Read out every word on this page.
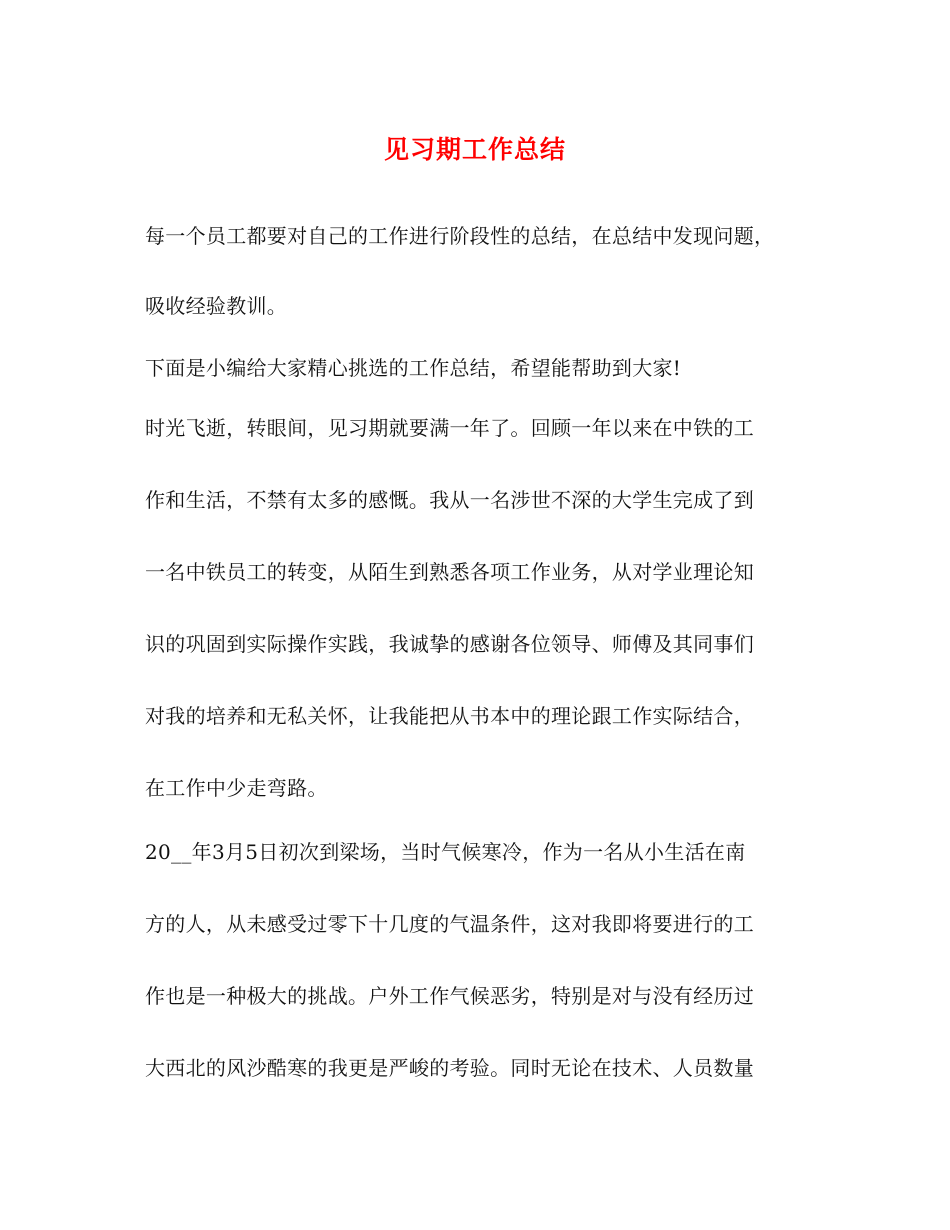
见习期工作总结

每一个员工都要对自己的工作进行阶段性的总结，在总结中发现问题，

吸收经验教训。

下面是小编给大家精心挑选的工作总结，希望能帮助到大家!

时光飞逝，转眼间，见习期就要满一年了。回顾一年以来在中铁的工

作和生活，不禁有太多的感慨。我从一名涉世不深的大学生完成了到

一名中铁员工的转变，从陌生到熟悉各项工作业务，从对学业理论知

识的巩固到实际操作实践，我诚挚的感谢各位领导、师傅及其同事们

对我的培养和无私关怀，让我能把从书本中的理论跟工作实际结合，

在工作中少走弯路。

20__年3月5日初次到梁场，当时气候寒冷，作为一名从小生活在南

方的人，从未感受过零下十几度的气温条件，这对我即将要进行的工

作也是一种极大的挑战。户外工作气候恶劣，特别是对与没有经历过

大西北的风沙酷寒的我更是严峻的考验。同时无论在技术、人员数量
